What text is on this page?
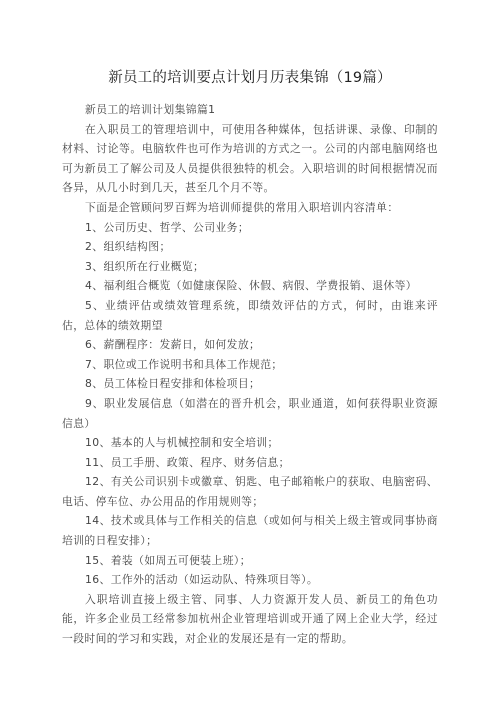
新员工的培训要点计划月历表集锦（19篇）

新员工的培训计划集锦篇1

在入职员工的管理培训中，可使用各种媒体，包括讲课、录像、印制的材料、讨论等。电脑软件也可作为培训的方式之一。公司的内部电脑网络也可为新员工了解公司及人员提供很独特的机会。入职培训的时间根据情况而各异，从几小时到几天，甚至几个月不等。

下面是企管顾问罗百辉为培训师提供的常用入职培训内容清单：

1、公司历史、哲学、公司业务；

2、组织结构图；

3、组织所在行业概览；

4、福利组合概览（如健康保险、休假、病假、学费报销、退休等）

5、业绩评估或绩效管理系统，即绩效评估的方式，何时，由谁来评估，总体的绩效期望

6、薪酬程序：发薪日，如何发放；

7、职位或工作说明书和具体工作规范；

8、员工体检日程安排和体检项目；

9、职业发展信息（如潜在的晋升机会，职业通道，如何获得职业资源信息）

10、基本的人与机械控制和安全培训；

11、员工手册、政策、程序、财务信息；

12、有关公司识别卡或徽章、钥匙、电子邮箱帐户的获取、电脑密码、电话、停车位、办公用品的作用规则等；

14、技术或具体与工作相关的信息（或如何与相关上级主管或同事协商培训的日程安排）；

15、着装（如周五可便装上班）；

16、工作外的活动（如运动队、特殊项目等）。

入职培训直接上级主管、同事、人力资源开发人员、新员工的角色功能，许多企业员工经常参加杭州企业管理培训或开通了网上企业大学，经过一段时间的学习和实践，对企业的发展还是有一定的帮助。
